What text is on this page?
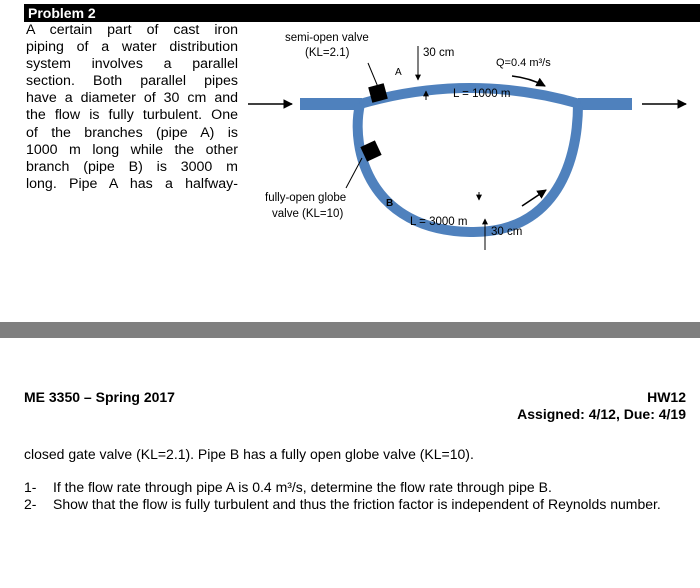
Problem 2
A certain part of cast iron
piping of a water distribution
system involves a parallel
section. Both parallel pipes
have a diameter of 30 cm and
the flow is fully turbulent. One
of the branches (pipe A) is
1000 m long while the other
branch (pipe B) is 3000 m
long. Pipe A has a halfway-
semi-open valve
(KL=2.1)	30 cm
Q=0.4 m³/s
A
L = 1000 m
fully-open globe
valve (KL=10)
B
L = 3000 m
30 cm
ME 3350 – Spring 2017	HW12
Assigned: 4/12, Due: 4/19
closed gate valve (KL=2.1). Pipe B has a fully open globe valve (KL=10).
1- If the flow rate through pipe A is 0.4 m³/s, determine the flow rate through pipe B.
2- Show that the flow is fully turbulent and thus the friction factor is independent of Reynolds number.
